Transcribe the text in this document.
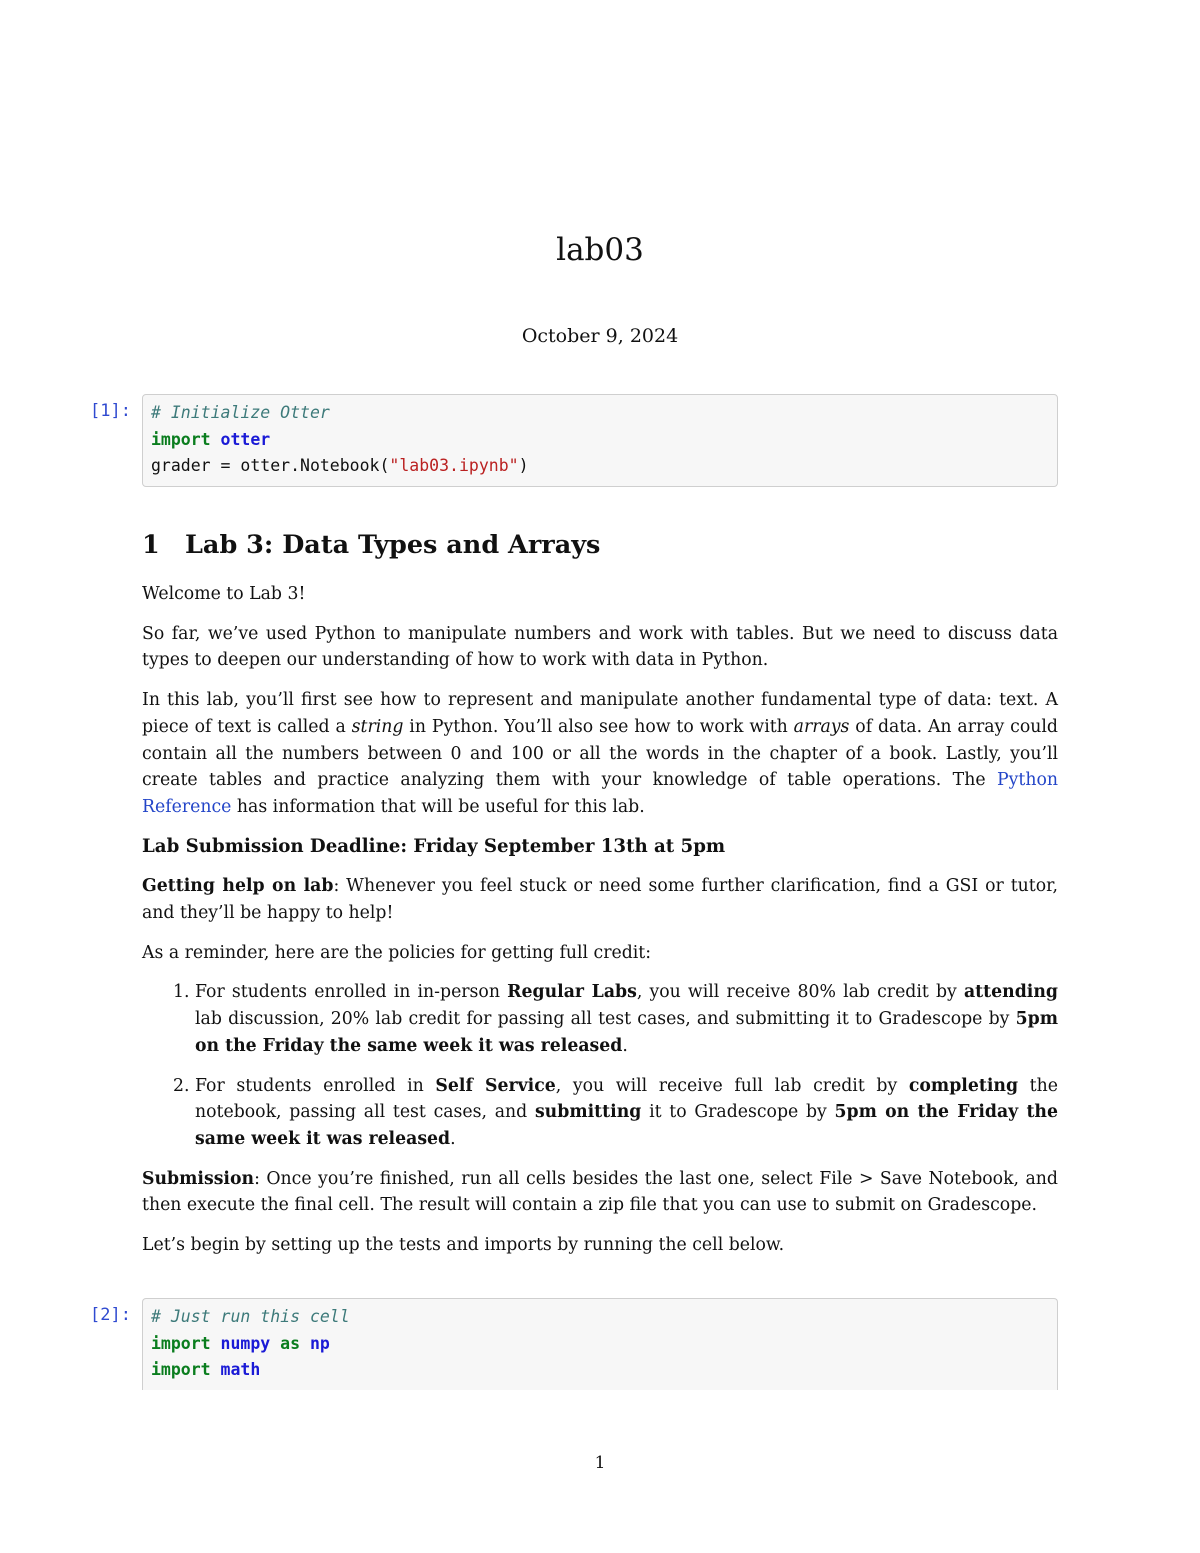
lab03
October 9, 2024
[1]:	# Initialize Otter
import otter
grader = otter.Notebook("lab03.ipynb")
1 Lab 3: Data Types and Arrays

Welcome to Lab 3!

So far, we’ve used Python to manipulate numbers and work with tables. But we need to discuss data types to deepen our understanding of how to work with data in Python.

In this lab, you’ll first see how to represent and manipulate another fundamental type of data: text. A piece of text is called a string in Python. You’ll also see how to work with arrays of data. An array could contain all the numbers between 0 and 100 or all the words in the chapter of a book. Lastly, you’ll create tables and practice analyzing them with your knowledge of table operations. The Python Reference has information that will be useful for this lab.

Lab Submission Deadline: Friday September 13th at 5pm

Getting help on lab: Whenever you feel stuck or need some further clarification, find a GSI or tutor, and they’ll be happy to help!

As a reminder, here are the policies for getting full credit:

1. For students enrolled in in-person Regular Labs, you will receive 80% lab credit by attending lab discussion, 20% lab credit for passing all test cases, and submitting it to Gradescope by 5pm on the Friday the same week it was released.
2. For students enrolled in Self Service, you will receive full lab credit by completing the notebook, passing all test cases, and submitting it to Gradescope by 5pm on the Friday the same week it was released.

Submission: Once you’re finished, run all cells besides the last one, select File > Save Notebook, and then execute the final cell. The result will contain a zip file that you can use to submit on Gradescope.

Let’s begin by setting up the tests and imports by running the cell below.

[2]:	# Just run this cell
import numpy as np
import math
1
